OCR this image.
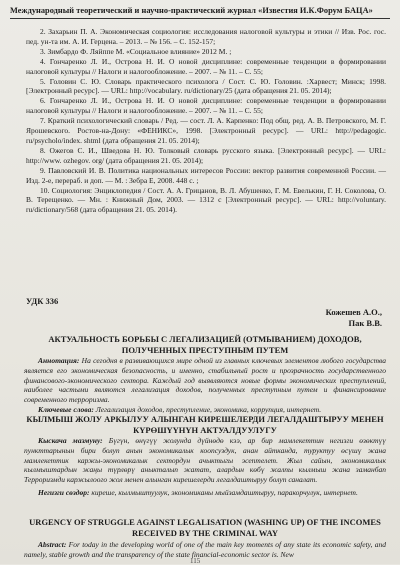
Международный теоретический и научно-практический журнал «Известия И.К.Форум БАЦА»

2. Захарьин П. А. Экономическая социология: исследования налоговой культуры и этики // Изв. Рос. гос. пед. ун-та им. А. И. Герцена. – 2013. – № 156. – С. 152-157;

3. Зимбардо Ф. Ляйппе М. «Социальное влияние» 2012 М. ;

4. Гончаренко Л. И., Островa Н. И. О новой дисциплине: современные тенденции в формировании налоговой культуры // Налоги и налогообложение. – 2007. – № 11. – С. 55;

5. Головин С. Ю. Словарь практического психолога / Сост. С. Ю. Головин. :Харвест; Минск; 1998. [Электронный ресурс]. — URL: http://vocabulary. ru/dictionary/25 (дата обращения 21. 05. 2014);

6. Гончаренко Л. И., Острова Н. И. О новой дисциплине: современные тенденции в формировании налоговой культуры // Налоги и налогообложение. – 2007. – № 11. – С. 55;

7. Краткий психологический словарь / Ред. — сост. Л. А. Карпенко: Под общ. ред. А. В. Петровского, М. Г. Ярошевского. Ростов-на-Дону: «ФЕНИКС», 1998. [Электронный ресурс]. — URL: http://pedagogic. ru/psycholo/index. shtml (дата обращения 21. 05. 2014);

8. Ожегов С. И., Шведова Н. Ю. Толковый словарь русского языка. [Электронный ресурс]. — URL: http://www. ozhegov. org/ (дата обращения 21. 05. 2014);

9. Павловский И. В. Политика национальных интересов России: вектор развития современной России. — Изд. 2-е, перераб. и доп. — М. : Зебра Е, 2008. 448 с. ;

10. Социология: Энциклопедия / Сост. А. А. Грицанов, В. Л. Абушенко, Г. М. Евелькин, Г. Н. Соколова, О. В. Терещенко. — Мн. : Книжный Дом, 2003. — 1312 с [Электронный ресурс]. — URL: http://voluntary. ru/dictionary/568 (дата обращения 21. 05. 2014).

УДК 336
Кожешев А.О.,
Пак В.В.
АКТУАЛЬНОСТЬ БОРЬБЫ С ЛЕГАЛИЗАЦИЕЙ (ОТМЫВАНИЕМ) ДОХОДОВ, ПОЛУЧЕННЫХ ПРЕСТУПНЫМ ПУТЕМ

Аннотация: На сегодня в развивающихся мире одной из главных ключевых элементов любого государства является его экономическая безопасность, и именно, стабильный рост и прозрачность государственного финансового-экономического сектора. Каждый год выявляются новые формы экономических преступлений, наиболее частыми являются легализация доходов, полученных преступным путем и финансирование современного терроризма.

Ключевые слова: Легализация доходов, преступление, экономика, коррупция, интернет.

КЫЛМЫШ ЖОЛУ АРКЫЛУУ АЛЫНГАН КИРЕШЕЛЕРДИ ЛЕГАЛДАШТЫРУУ МЕНЕН КҮРӨШҮҮНҮН АКТУАЛДУУЛУГУ

Кыскача мазмуну: Бүгүн, өнүгүү жолунда дүйнөдө кээ, ар бир мамлекеттин негизги өзөктүү пункттарынын бири болуп анын экономикалык коопсуздук, анан айтканда, туруктуу өсүшү жана мамлекеттик каржы-экономикалык сектордун ачыктыгы эсептелет. Жыл сайын, экономикалык кылмыштардын жаңы түрлөрү аныкталып жатат, алардын көбү жалпы кылмыш жана заманбап Терроризмди каржылоого жол менен алынган кирешелерди легалдаштыруу болуп саналат.

Негизги сөздөр: киреше, кылмыштуулук, экономиканы мыйзамдаштыруу, паракорчулук, интернет.

URGENCY OF STRUGGLE AGAINST LEGALISATION (WASHING UP) OF THE INCOMES RECEIVED BY THE CRIMINAL WAY

Abstract: For today in the developing world of one of the main key moments of any state its economic safety, and namely, stable growth and the transparency of the state financial-economic sector is. New

115
